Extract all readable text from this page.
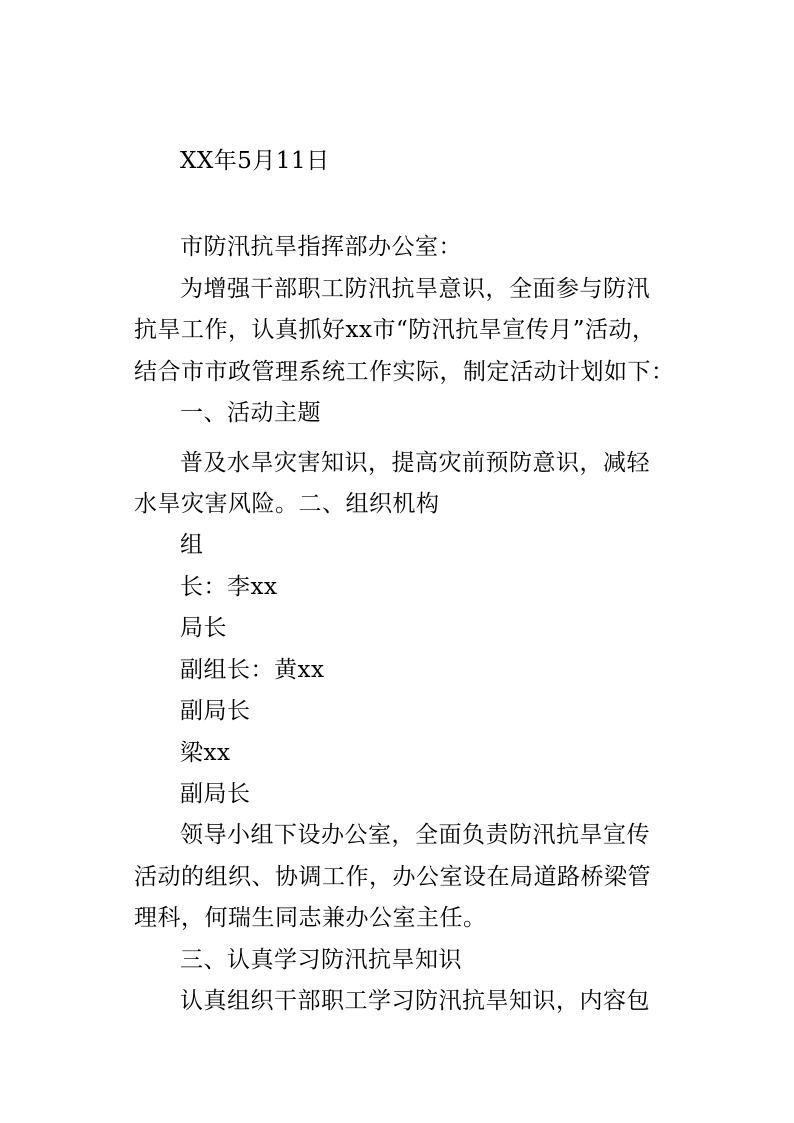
XX年5月11日
市防汛抗旱指挥部办公室：
为增强干部职工防汛抗旱意识，全面参与防汛
抗旱工作，认真抓好xx市“防汛抗旱宣传月”活动，
结合市市政管理系统工作实际，制定活动计划如下：
一、活动主题
普及水旱灾害知识，提高灾前预防意识，减轻
水旱灾害风险。二、组织机构
组
长：李xx
局长
副组长：黄xx
副局长
梁xx
副局长
领导小组下设办公室，全面负责防汛抗旱宣传
活动的组织、协调工作，办公室设在局道路桥梁管
理科，何瑞生同志兼办公室主任。
三、认真学习防汛抗旱知识
认真组织干部职工学习防汛抗旱知识，内容包
